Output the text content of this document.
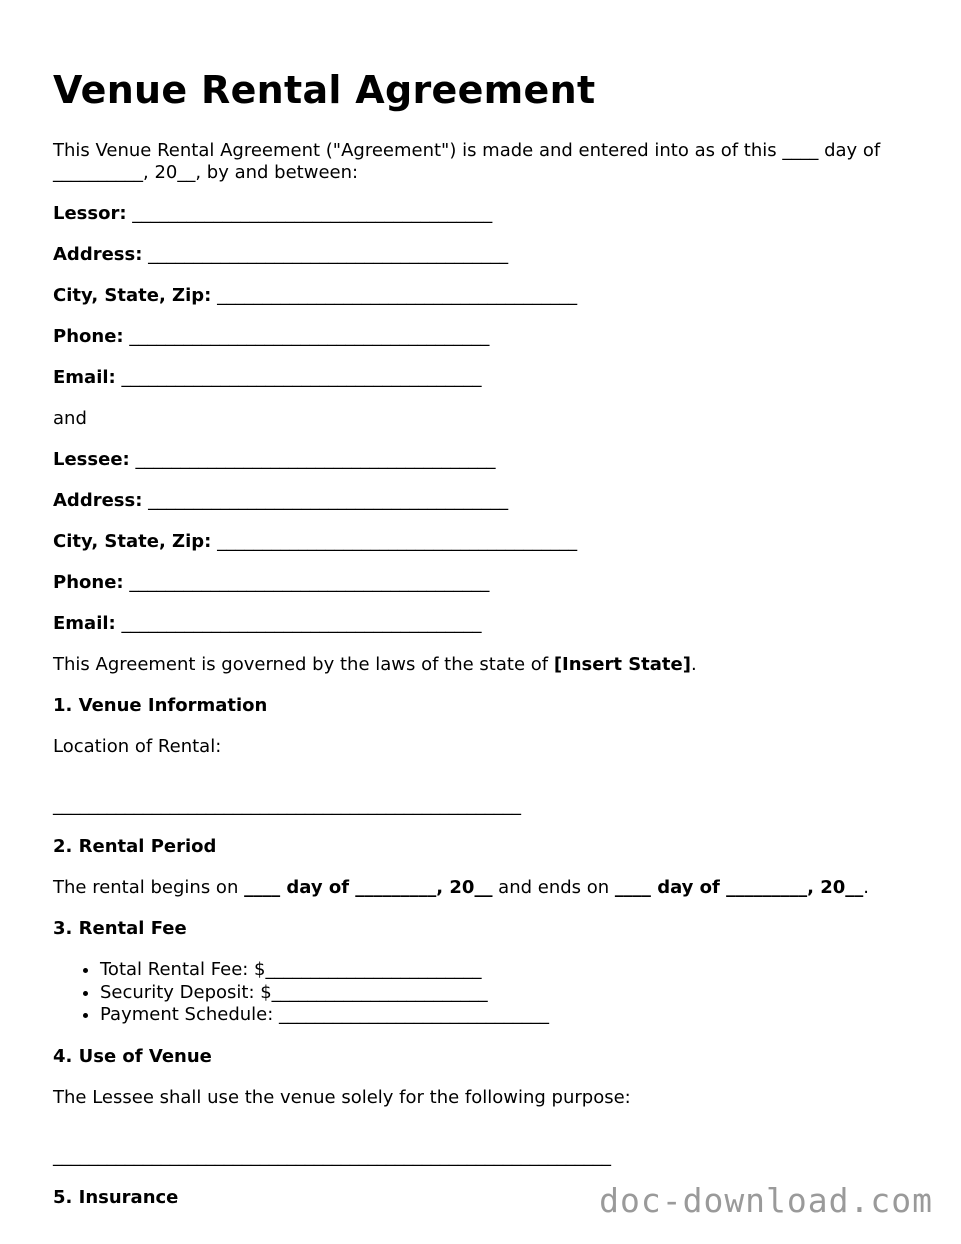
Venue Rental Agreement

This Venue Rental Agreement ("Agreement") is made and entered into as of this ____ day of __________, 20__, by and between:

Lessor: ________________________________________

Address: ________________________________________

City, State, Zip: ________________________________________

Phone: ________________________________________

Email: ________________________________________

and

Lessee: ________________________________________

Address: ________________________________________

City, State, Zip: ________________________________________

Phone: ________________________________________

Email: ________________________________________

This Agreement is governed by the laws of the state of [Insert State].

1. Venue Information

Location of Rental:

____________________________________________________
2. Rental Period

The rental begins on ____ day of _________, 20__ and ends on ____ day of _________, 20__.

3. Rental Fee
• Total Rental Fee: $________________________
• Security Deposit: $________________________
• Payment Schedule: ______________________________
4. Use of Venue

The Lessee shall use the venue solely for the following purpose:

______________________________________________________________
5. Insurance	doc-download.com
